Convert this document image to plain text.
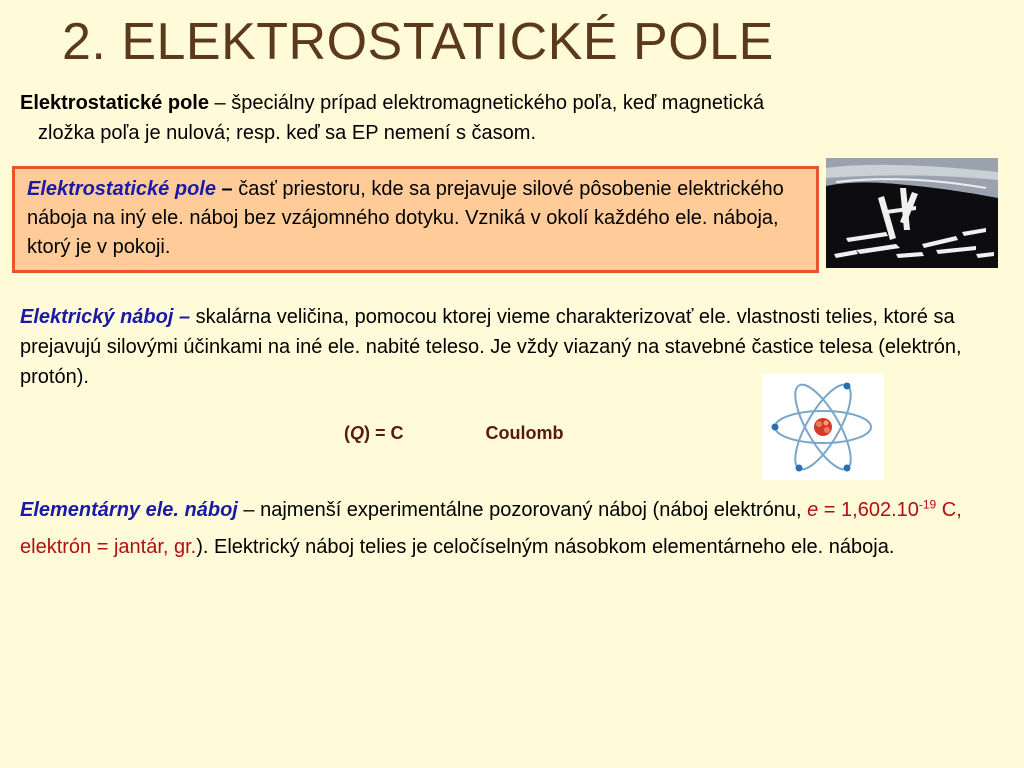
2. ELEKTROSTATICKÉ POLE
Elektrostatické pole – špeciálny prípad elektromagnetického poľa, keď magnetická
zložka poľa je nulová; resp. keď sa EP nemení s časom.
Elektrostatické pole – časť priestoru, kde sa prejavuje silové pôsobenie elektrického náboja na iný ele. náboj bez vzájomného dotyku. Vzniká v okolí každého ele. náboja, ktorý je v pokoji.
Elektrický náboj – skalárna veličina, pomocou ktorej vieme charakterizovať ele. vlastnosti telies, ktoré sa prejavujú silovými účinkami na iné ele. nabité teleso. Je vždy viazaný na stavebné častice telesa (elektrón, protón).
(Q) = C	Coulomb
Elementárny ele. náboj – najmenší experimentálne pozorovaný náboj (náboj elektrónu, $e = 1,602.10^{-19}$ C, elektrón = jantár, gr.). Elektrický náboj telies je celočíselným násobkom elementárneho ele. náboja.
